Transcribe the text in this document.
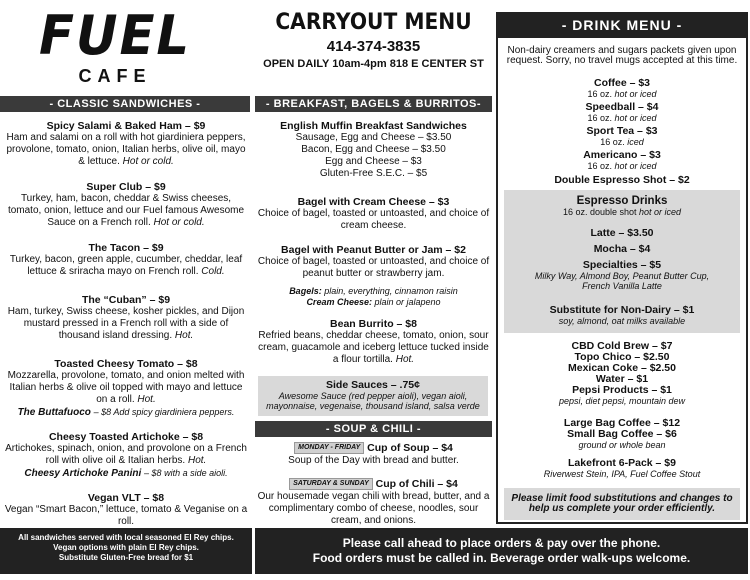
FUEL
CAFE
- CLASSIC SANDWICHES -
Spicy Salami & Baked Ham – $9
Ham and salami on a roll with hot giardiniera peppers, provolone, tomato, onion, Italian herbs, olive oil, mayo & lettuce. Hot or cold.
Super Club – $9
Turkey, ham, bacon, cheddar & Swiss cheeses, tomato, onion, lettuce and our Fuel famous Awesome Sauce on a French roll. Hot or cold.
The Tacon – $9
Turkey, bacon, green apple, cucumber, cheddar, leaf lettuce & sriracha mayo on French roll. Cold.
The “Cuban” – $9
Ham, turkey, Swiss cheese, kosher pickles, and Dijon mustard pressed in a French roll with a side of thousand island dressing. Hot.
Toasted Cheesy Tomato – $8
Mozzarella, provolone, tomato, and onion melted with Italian herbs & olive oil topped with mayo and lettuce on a roll. Hot.
The Buttafuoco – $8 Add spicy giardiniera peppers.
Cheesy Toasted Artichoke – $8
Artichokes, spinach, onion, and provolone on a French roll with olive oil & Italian herbs. Hot.
Cheesy Artichoke Panini – $8 with a side aioli.
Vegan VLT – $8
Vegan “Smart Bacon,” lettuce, tomato & Veganise on a roll.
CARRYOUT MENU
414-374-3835
OPEN DAILY 10am-4pm 818 E CENTER ST
- BREAKFAST, BAGELS & BURRITOS-
English Muffin Breakfast Sandwiches
Sausage, Egg and Cheese – $3.50
Bacon, Egg and Cheese – $3.50
Egg and Cheese – $3
Gluten-Free S.E.C. – $5
Bagel with Cream Cheese – $3
Choice of bagel, toasted or untoasted, and choice of cream cheese.
Bagel with Peanut Butter or Jam – $2
Choice of bagel, toasted or untoasted, and choice of peanut butter or strawberry jam.
Bagels: plain, everything, cinnamon raisin
Cream Cheese: plain or jalapeno
Bean Burrito – $8
Refried beans, cheddar cheese, tomato, onion, sour cream, guacamole and iceberg lettuce tucked inside a flour tortilla. Hot.
Side Sauces – .75¢
Awesome Sauce (red pepper aioli), vegan aioli, mayonnaise, vegenaise, thousand island, salsa verde
- SOUP & CHILI -
MONDAY - FRIDAY Cup of Soup – $4
Soup of the Day with bread and butter.
SATURDAY & SUNDAY Cup of Chili – $4
Our housemade vegan chili with bread, butter, and a complimentary combo of cheese, noodles, sour cream, and onions.
- DRINK MENU -
Non-dairy creamers and sugars packets given upon request. Sorry, no travel mugs accepted at this time.
Coffee – $3
16 oz. hot or iced
Speedball – $4
16 oz. hot or iced
Sport Tea – $3
16 oz. iced
Americano – $3
16 oz. hot or iced
Double Espresso Shot – $2
Espresso Drinks
16 oz. double shot hot or iced
Latte – $3.50
Mocha – $4
Specialties – $5
Milky Way, Almond Boy, Peanut Butter Cup, French Vanilla Latte
Substitute for Non-Dairy – $1
soy, almond, oat milks available
CBD Cold Brew – $7
Topo Chico – $2.50
Mexican Coke – $2.50
Water – $1
Pepsi Products – $1
pepsi, diet pepsi, mountain dew
Large Bag Coffee – $12
Small Bag Coffee – $6
ground or whole bean
Lakefront 6-Pack – $9
Riverwest Stein, IPA, Fuel Coffee Stout
Please limit food substitutions and changes to help us complete your order efficiently.
All sandwiches served with local seasoned El Rey chips.
Vegan options with plain El Rey chips.
Substitute Gluten-Free bread for $1
Please call ahead to place orders & pay over the phone.
Food orders must be called in. Beverage order walk-ups welcome.
